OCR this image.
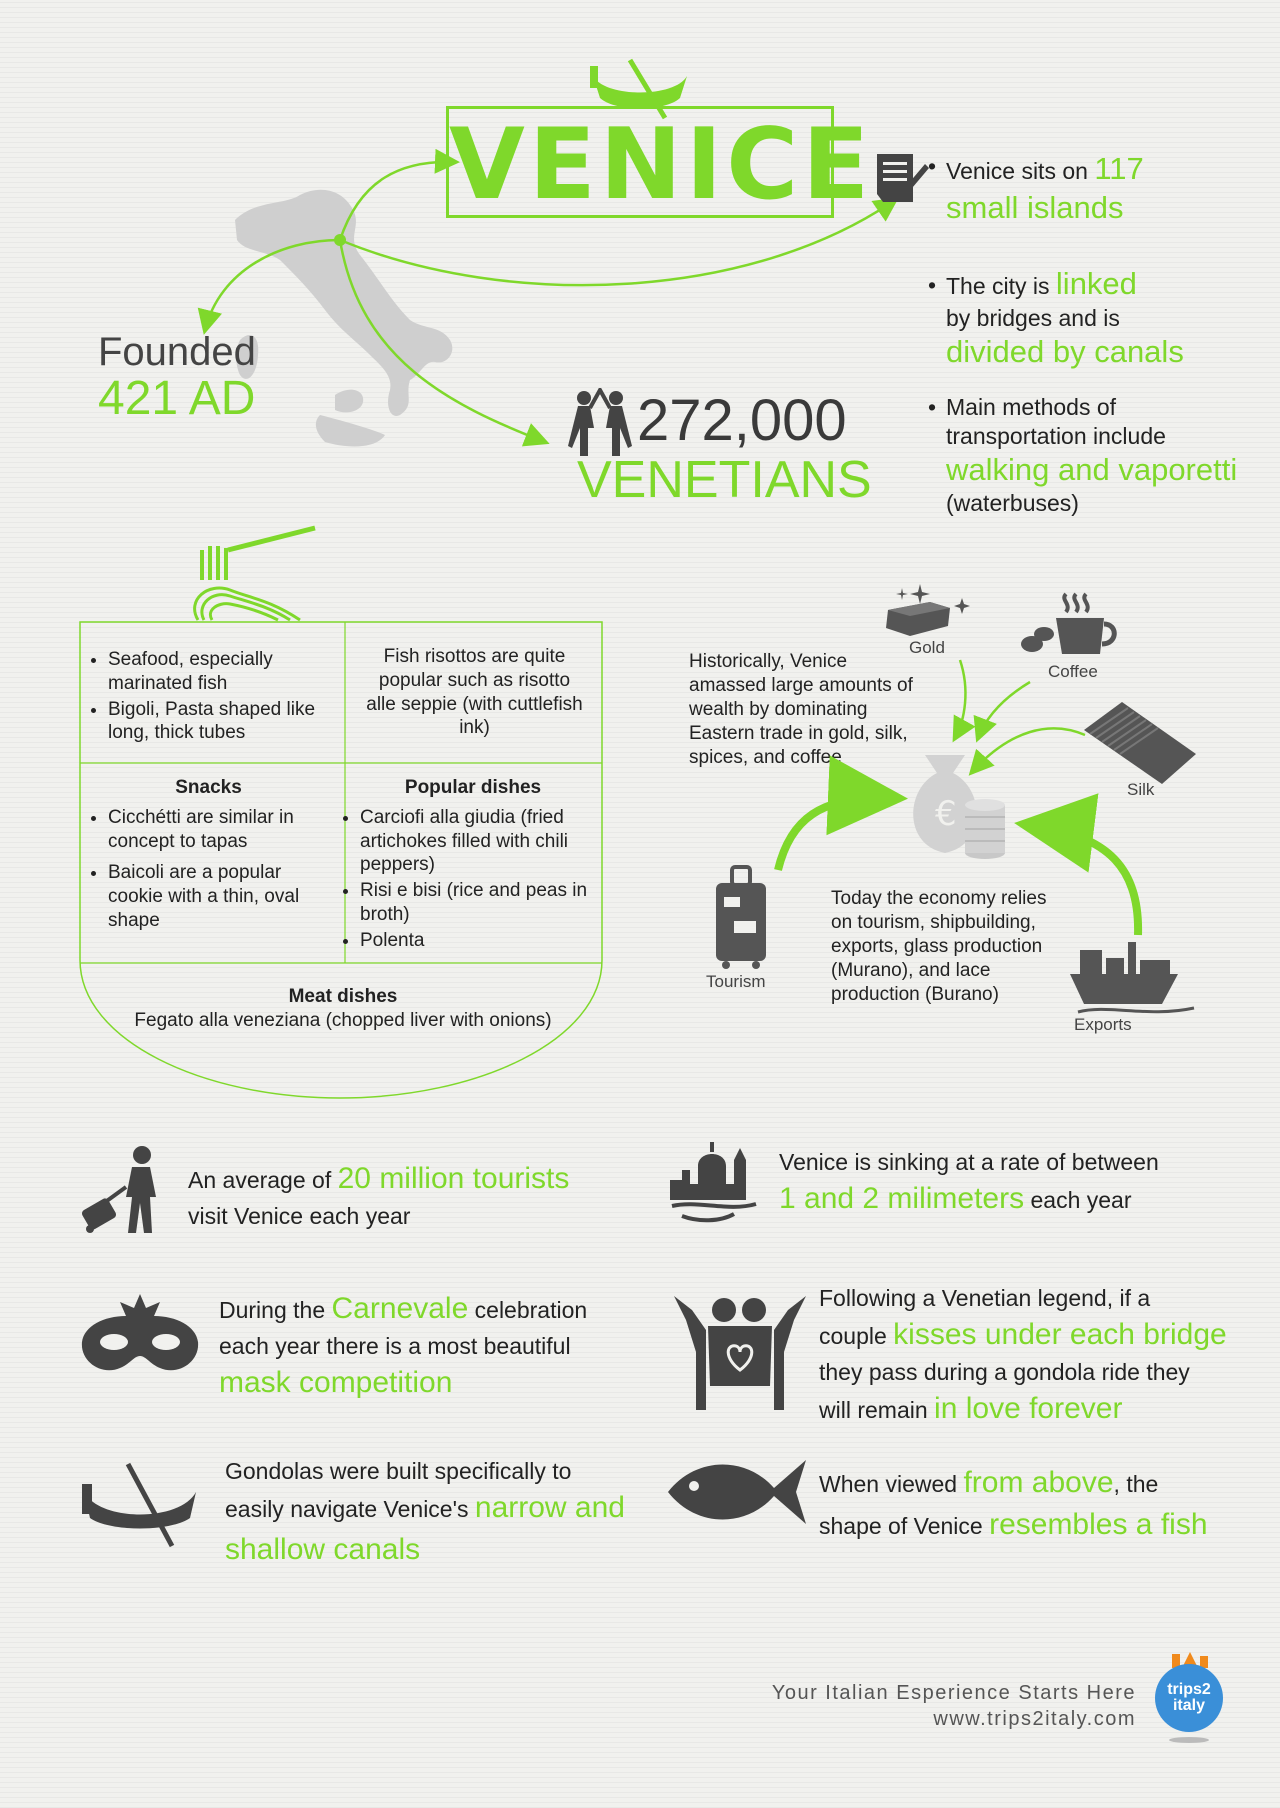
VENICE
Founded
421 AD	272,000
VENETIANS
• Venice sits on 117
small islands
• The city is linked
by bridges and is
divided by canals
• Main methods of
transportation include
walking and vaporetti
(waterbuses)
• Seafood, especially marinated fish
• Bigoli, Pasta shaped like long, thick tubes
Fish risottos are quite popular such as risotto alle seppie (with cuttlefish ink)
Snacks
• Cicchétti are similar in concept to tapas
• Baicoli are a popular cookie with a thin, oval shape
Popular dishes
• Carciofi alla giudia (fried artichokes filled with chili peppers)
• Risi e bisi (rice and peas in broth)
• Polenta
Meat dishes
Fegato alla veneziana (chopped liver with onions)
Historically, Venice amassed large amounts of wealth by dominating Eastern trade in gold, silk, spices, and coffee
Gold
Coffee
Silk
€
Tourism
Today the economy relies on tourism, shipbuilding, exports, glass production (Murano), and lace production (Burano)
Exports
An average of 20 million tourists
visit Venice each year
Venice is sinking at a rate of between
1 and 2 milimeters each year
During the Carnevale celebration
each year there is a most beautiful
mask competition
Following a Venetian legend, if a
couple kisses under each bridge
they pass during a gondola ride they
will remain in love forever
Gondolas were built specifically to
easily navigate Venice's narrow and
shallow canals
When viewed from above, the
shape of Venice resembles a fish
Your Italian Esperience Starts Here
www.trips2italy.com
trips2
italy
